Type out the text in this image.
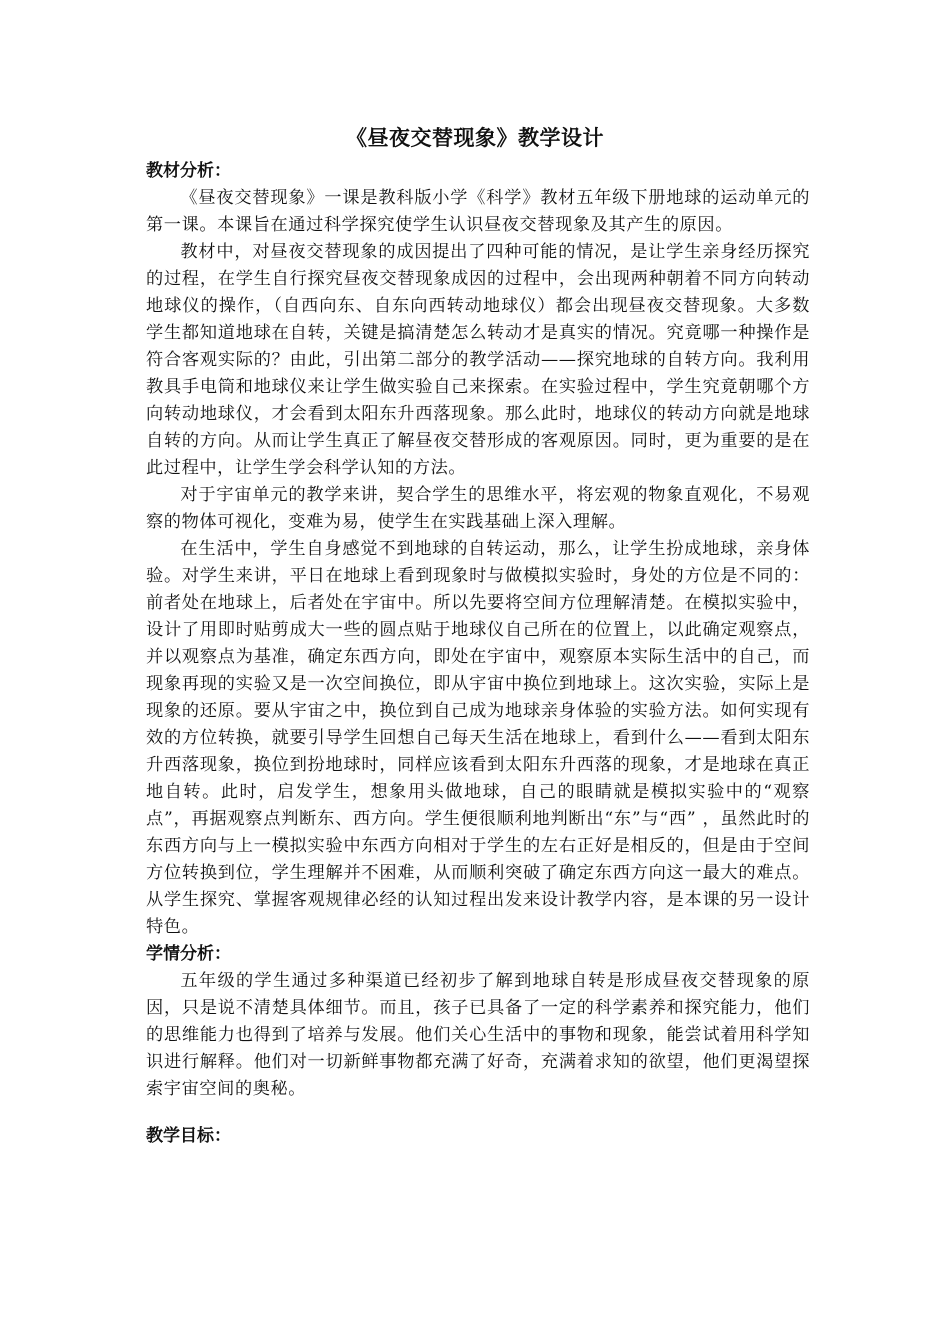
《昼夜交替现象》教学设计
教材分析：

《昼夜交替现象》一课是教科版小学《科学》教材五年级下册地球的运动单元的第一课。本课旨在通过科学探究使学生认识昼夜交替现象及其产生的原因。

教材中，对昼夜交替现象的成因提出了四种可能的情况，是让学生亲身经历探究的过程，在学生自行探究昼夜交替现象成因的过程中，会出现两种朝着不同方向转动地球仪的操作，（自西向东、自东向西转动地球仪）都会出现昼夜交替现象。大多数学生都知道地球在自转，关键是搞清楚怎么转动才是真实的情况。究竟哪一种操作是符合客观实际的？由此，引出第二部分的教学活动——探究地球的自转方向。我利用教具手电筒和地球仪来让学生做实验自己来探索。在实验过程中，学生究竟朝哪个方向转动地球仪，才会看到太阳东升西落现象。那么此时，地球仪的转动方向就是地球自转的方向。从而让学生真正了解昼夜交替形成的客观原因。同时，更为重要的是在此过程中，让学生学会科学认知的方法。

对于宇宙单元的教学来讲，契合学生的思维水平，将宏观的物象直观化，不易观察的物体可视化，变难为易，使学生在实践基础上深入理解。

在生活中，学生自身感觉不到地球的自转运动，那么，让学生扮成地球，亲身体验。对学生来讲，平日在地球上看到现象时与做模拟实验时，身处的方位是不同的：前者处在地球上，后者处在宇宙中。所以先要将空间方位理解清楚。在模拟实验中，设计了用即时贴剪成大一些的圆点贴于地球仪自己所在的位置上，以此确定观察点，并以观察点为基准，确定东西方向，即处在宇宙中，观察原本实际生活中的自己，而现象再现的实验又是一次空间换位，即从宇宙中换位到地球上。这次实验，实际上是现象的还原。要从宇宙之中，换位到自己成为地球亲身体验的实验方法。如何实现有效的方位转换，就要引导学生回想自己每天生活在地球上，看到什么——看到太阳东升西落现象，换位到扮地球时，同样应该看到太阳东升西落的现象，才是地球在真正地自转。此时，启发学生，想象用头做地球，自己的眼睛就是模拟实验中的“观察点”，再据观察点判断东、西方向。学生便很顺利地判断出“东”与“西” ，虽然此时的东西方向与上一模拟实验中东西方向相对于学生的左右正好是相反的，但是由于空间方位转换到位，学生理解并不困难，从而顺利突破了确定东西方向这一最大的难点。从学生探究、掌握客观规律必经的认知过程出发来设计教学内容，是本课的另一设计特色。

学情分析：

五年级的学生通过多种渠道已经初步了解到地球自转是形成昼夜交替现象的原因，只是说不清楚具体细节。而且，孩子已具备了一定的科学素养和探究能力，他们的思维能力也得到了培养与发展。他们关心生活中的事物和现象，能尝试着用科学知识进行解释。他们对一切新鲜事物都充满了好奇，充满着求知的欲望，他们更渴望探索宇宙空间的奥秘。

教学目标：
